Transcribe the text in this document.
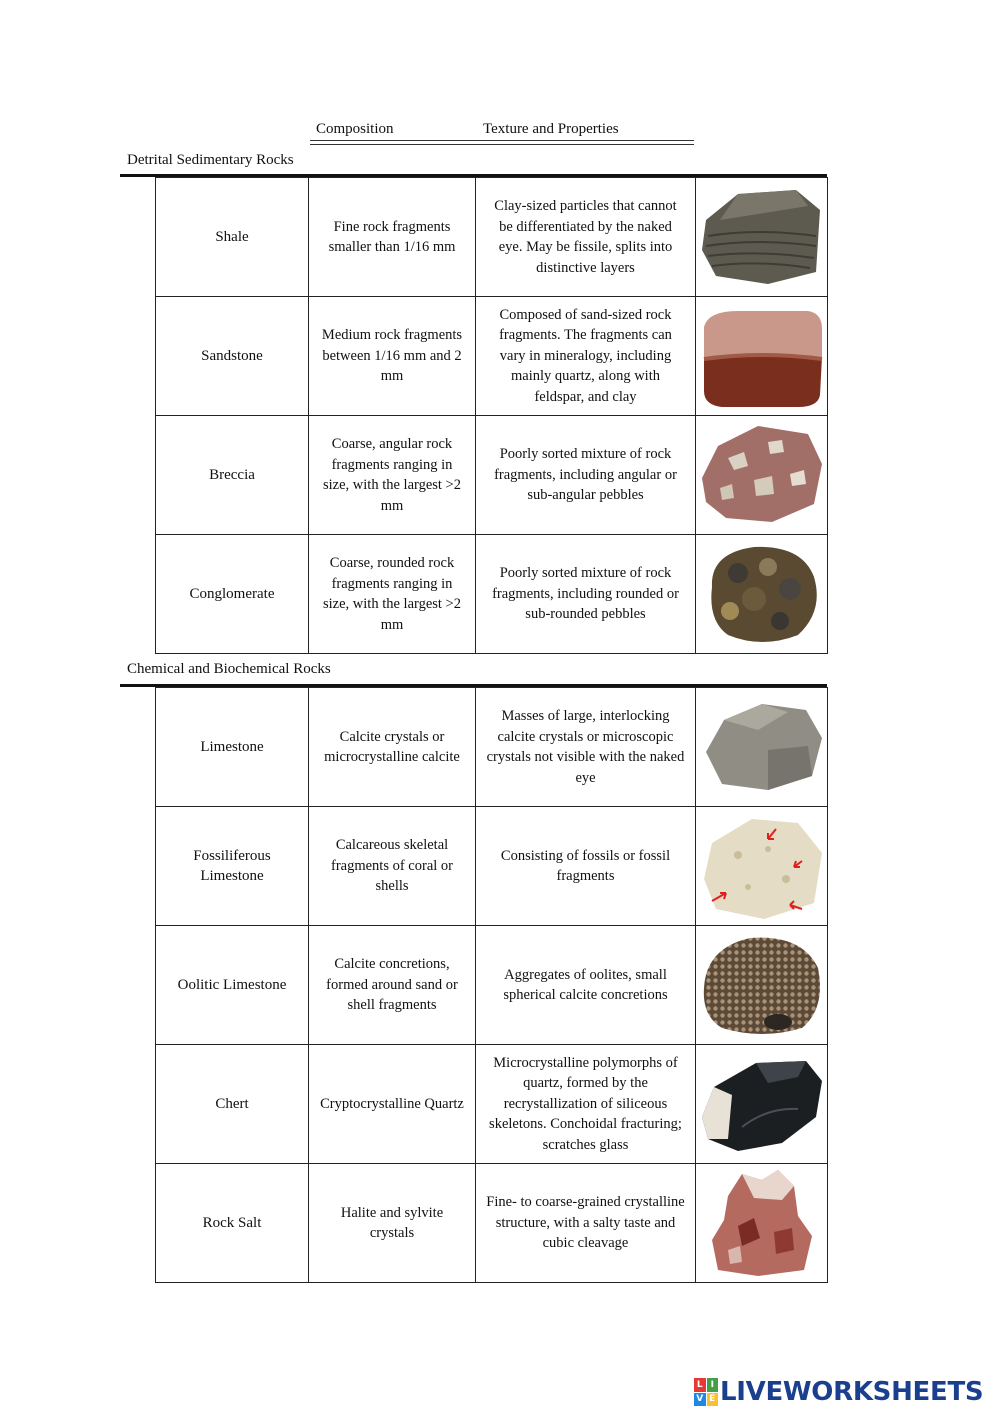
Composition	Texture and Properties
Detrital Sedimentary Rocks
Shale	Fine rock fragments smaller than 1/16 mm	Clay-sized particles that cannot be differentiated by the naked eye. May be fissile, splits into distinctive layers	

Sandstone	Medium rock fragments between 1/16 mm and 2 mm	Composed of sand-sized rock fragments. The fragments can vary in mineralogy, including mainly quartz, along with feldspar, and clay	

Breccia	Coarse, angular rock fragments ranging in size, with the largest >2 mm	Poorly sorted mixture of rock fragments, including angular or sub-angular pebbles	

Conglomerate	Coarse, rounded rock fragments ranging in size, with the largest >2 mm	Poorly sorted mixture of rock fragments, including rounded or sub-rounded pebbles	
Chemical and Biochemical Rocks
Limestone	Calcite crystals or microcrystalline calcite	Masses of large, interlocking calcite crystals or microscopic crystals not visible with the naked eye	

Fossiliferous Limestone	Calcareous skeletal fragments of coral or shells	Consisting of fossils or fossil fragments	

Oolitic Limestone	Calcite concretions, formed around sand or shell fragments	Aggregates of oolites, small spherical calcite concretions	

Chert	Cryptocrystalline Quartz	Microcrystalline polymorphs of quartz, formed by the recrystallization of siliceous skeletons. Conchoidal fracturing; scratches glass	

Rock Salt	Halite and sylvite crystals	Fine- to coarse-grained crystalline structure, with a salty taste and cubic cleavage	
L I
V E LIVEWORKSHEETS
